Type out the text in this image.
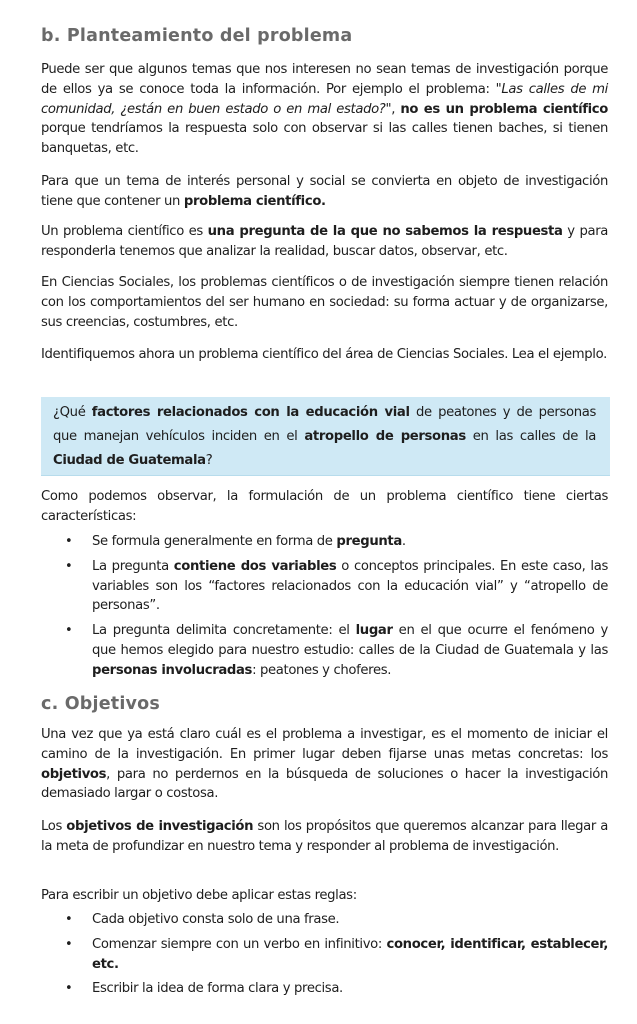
b. Planteamiento del problema

Puede ser que algunos temas que nos interesen no sean temas de investigación porque de ellos ya se conoce toda la información. Por ejemplo el problema: "Las calles de mi comunidad, ¿están en buen estado o en mal estado?", no es un problema científico porque tendríamos la respuesta solo con observar si las calles tienen baches, si tienen banquetas, etc.

Para que un tema de interés personal y social se convierta en objeto de investigación tiene que contener un problema científico.

Un problema científico es una pregunta de la que no sabemos la respuesta y para responderla tenemos que analizar la realidad, buscar datos, observar, etc.

En Ciencias Sociales, los problemas científicos o de investigación siempre tienen relación con los comportamientos del ser humano en sociedad: su forma actuar y de organizarse, sus creencias, costumbres, etc.

Identifiquemos ahora un problema científico del área de Ciencias Sociales. Lea el ejemplo.

¿Qué factores relacionados con la educación vial de peatones y de personas que manejan vehículos inciden en el atropello de personas en las calles de la Ciudad de Guatemala?

Como podemos observar, la formulación de un problema científico tiene ciertas características:

• Se formula generalmente en forma de pregunta.
• La pregunta contiene dos variables o conceptos principales. En este caso, las variables son los “factores relacionados con la educación vial” y “atropello de personas”.
• La pregunta delimita concretamente: el lugar en el que ocurre el fenómeno y que hemos elegido para nuestro estudio: calles de la Ciudad de Guatemala y las personas involucradas: peatones y choferes.
c. Objetivos

Una vez que ya está claro cuál es el problema a investigar, es el momento de iniciar el camino de la investigación. En primer lugar deben fijarse unas metas concretas: los objetivos, para no perdernos en la búsqueda de soluciones o hacer la investigación demasiado largar o costosa.

Los objetivos de investigación son los propósitos que queremos alcanzar para llegar a la meta de profundizar en nuestro tema y responder al problema de investigación.

Para escribir un objetivo debe aplicar estas reglas:

• Cada objetivo consta solo de una frase.
• Comenzar siempre con un verbo en infinitivo: conocer, identificar, establecer, etc.
• Escribir la idea de forma clara y precisa.
